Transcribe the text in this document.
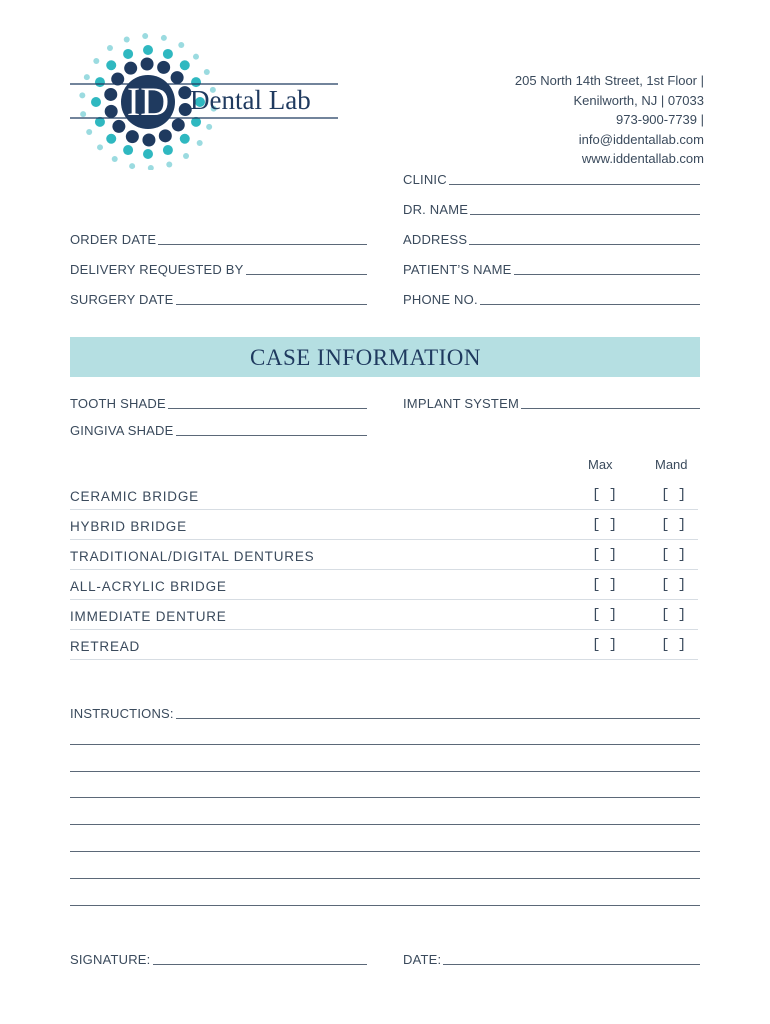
ID Dental Lab
205 North 14th Street, 1st Floor |
Kenilworth, NJ | 07033
973-900-7739 |
info@iddentallab.com
www.iddentallab.com
CLINIC
DR. NAME
ADDRESS
PATIENT’S NAME
PHONE NO.
ORDER DATE
DELIVERY REQUESTED BY
SURGERY DATE
CASE INFORMATION
TOOTH SHADE	IMPLANT SYSTEM
GINGIVA SHADE
Max	Mand
CERAMIC BRIDGE	[ ]	[ ]
HYBRID BRIDGE	[ ]	[ ]
TRADITIONAL/DIGITAL DENTURES	[ ]	[ ]
ALL-ACRYLIC BRIDGE	[ ]	[ ]
IMMEDIATE DENTURE	[ ]	[ ]
RETREAD	[ ]	[ ]
INSTRUCTIONS:
SIGNATURE:	DATE:
